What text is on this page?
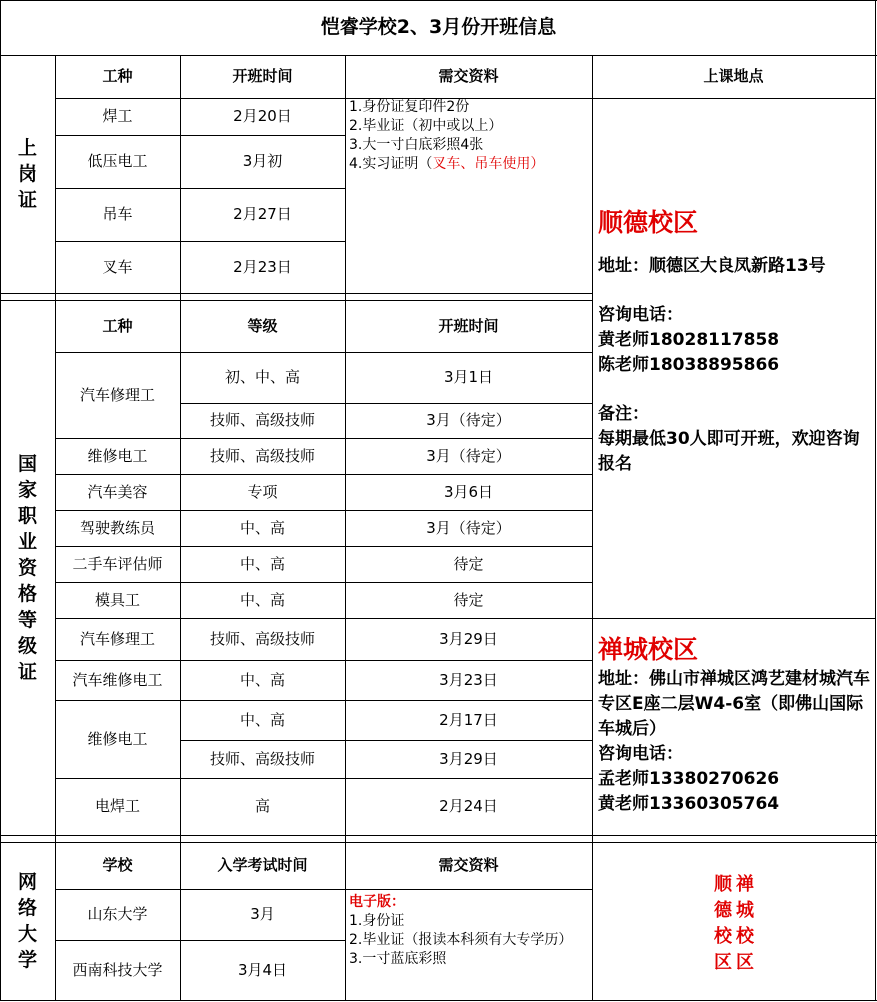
恺睿学校2、3月份开班信息
上
岗
证
工种	开班时间	需交资料	上课地点
焊工	2月20日
低压电工	3月初
吊车	2月27日
叉车	2月23日
1.身份证复印件2份
2.毕业证（初中或以上）
3.大一寸白底彩照4张
4.实习证明（叉车、吊车使用）
顺德校区
地址：顺德区大良凤新路13号
咨询电话：
黄老师18028117858
陈老师18038895866
备注：
每期最低30人即可开班，欢迎咨询报名
国
家
职
业
资
格
等
级
证
工种	等级	开班时间
汽车修理工
初、中、高	3月1日
技师、高级技师	3月（待定）
维修电工	技师、高级技师	3月（待定）
汽车美容	专项	3月6日
驾驶教练员	中、高	3月（待定）
二手车评估师	中、高	待定
模具工	中、高	待定
汽车修理工	技师、高级技师	3月29日
汽车维修电工	中、高	3月23日
维修电工
中、高	2月17日
技师、高级技师	3月29日
电焊工	高	2月24日
禅城校区
地址：佛山市禅城区鸿艺建材城汽车专区E座二层W4-6室（即佛山国际车城后）
咨询电话：
孟老师13380270626
黄老师13360305764
网
络
大
学
学校	入学考试时间	需交资料
山东大学	3月
西南科技大学	3月4日
电子版：
1.身份证
2.毕业证（报读本科须有大专学历）
3.一寸蓝底彩照
顺
德
校
区
禅
城
校
区
